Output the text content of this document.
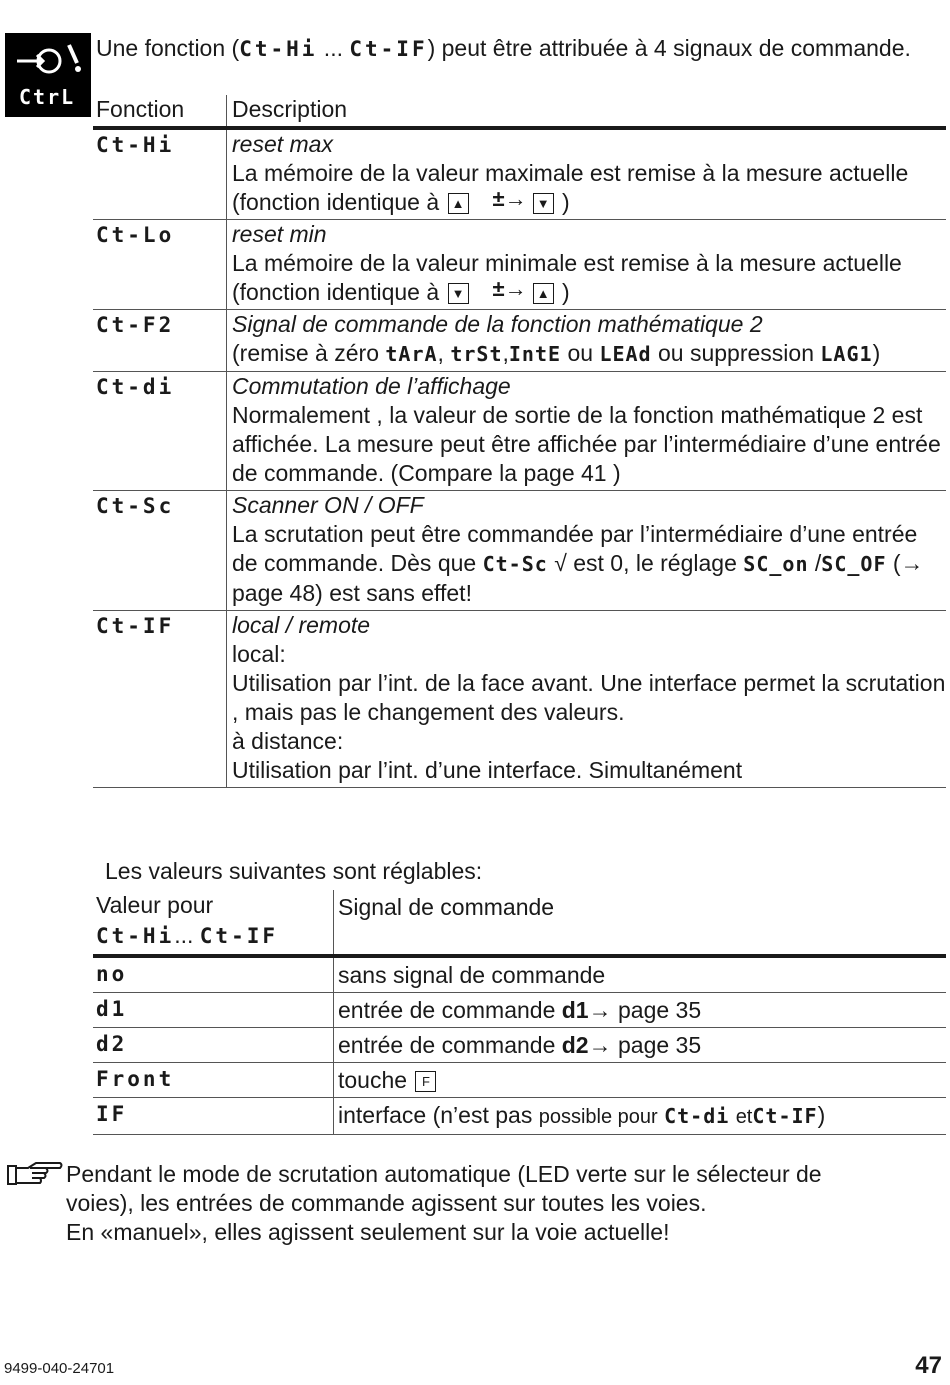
CtrL
Une fonction (Ct-Hi ... Ct-IF) peut être attribuée à 4 signaux de commande.
Fonction	Description
Ct-Hi	reset max
La mémoire de la valeur maximale est remise à la mesure actuelle (fonction identique à ▲ ±→ ▼ )

Ct-Lo	reset min
La mémoire de la valeur minimale est remise à la mesure actuelle (fonction identique à ▼ ±→ ▲ )

Ct-F2	Signal de commande de la fonction mathématique 2
(remise à zéro tArA, trSt,IntE ou LEAd ou suppression LAG1)

Ct-di	Commutation de l’affichage
Normalement , la valeur de sortie de la fonction mathématique 2 est affichée. La mesure peut être affichée par l’intermédiaire d’une entrée de commande. (Compare la page 41 )

Ct-Sc	Scanner ON / OFF
La scrutation peut être commandée par l’intermédiaire d’une entrée de commande. Dès que Ct-Sc √ est 0, le réglage SC_on /SC_OF (→ page 48) est sans effet!

Ct-IF	local / remote
local:
Utilisation par l’int. de la face avant. Une interface permet la scrutation , mais pas le changement des valeurs.
à distance:
Utilisation par l’int. d’une interface. Simultanément
Les valeurs suivantes sont réglables:
Valeur pour
Ct-Hi... Ct-IF	Signal de commande
no	sans signal de commande
d1	entrée de commande d1→ page 35
d2	entrée de commande d2→ page 35
Front	touche F
IF	interface (n’est pas possible pour Ct-di etCt-IF)
Pendant le mode de scrutation automatique (LED verte sur le sélecteur de
voies), les entrées de commande agissent sur toutes les voies.
En «manuel», elles agissent seulement sur la voie actuelle!
9499-040-24701	47
